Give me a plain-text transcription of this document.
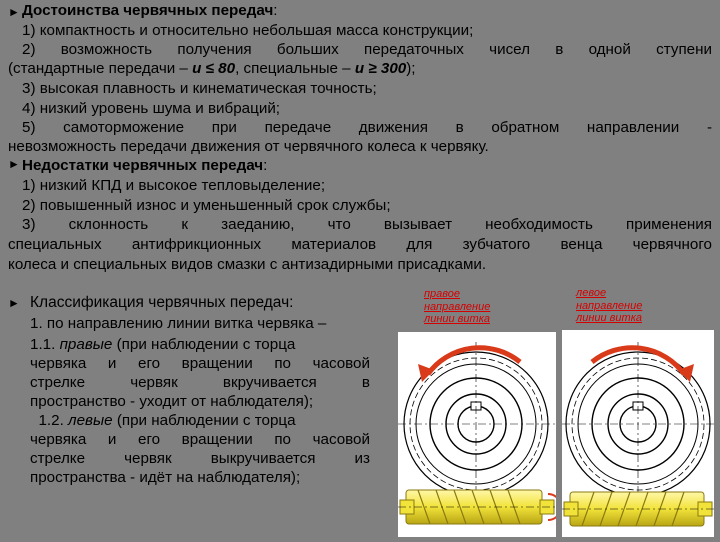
►
►
►
Достоинства червячных передач:
1) компактность и относительно небольшая масса конструкции;
2) возможность получения больших передаточных чисел в одной ступени
(стандартные передачи – u ≤ 80, специальные – u ≥ 300);
3) высокая плавность и кинематическая точность;
4) низкий уровень шума и вибраций;
5) самоторможение при передаче движения в обратном направлении -
невозможность передачи движения от червячного колеса к червяку.
Недостатки червячных передач:
1) низкий КПД и высокое тепловыделение;
2) повышенный износ и уменьшенный срок службы;
3) склонность к заеданию, что вызывает необходимость применения
специальных антифрикционных материалов для зубчатого венца червячного
колеса и специальных видов смазки с антизадирными присадками.
Классификация червячных передач:
1. по направлению линии витка червяка –
1.1. правые (при наблюдении с торца
червяка и его вращении по часовой
стрелке червяк вкручивается в
пространство - уходит от наблюдателя);
1.2. левые (при наблюдении с торца
червяка и его вращении по часовой
стрелке червяк выкручивается из
пространства - идёт на наблюдателя);
правое
направление
линии витка
левое
направление
линии витка
